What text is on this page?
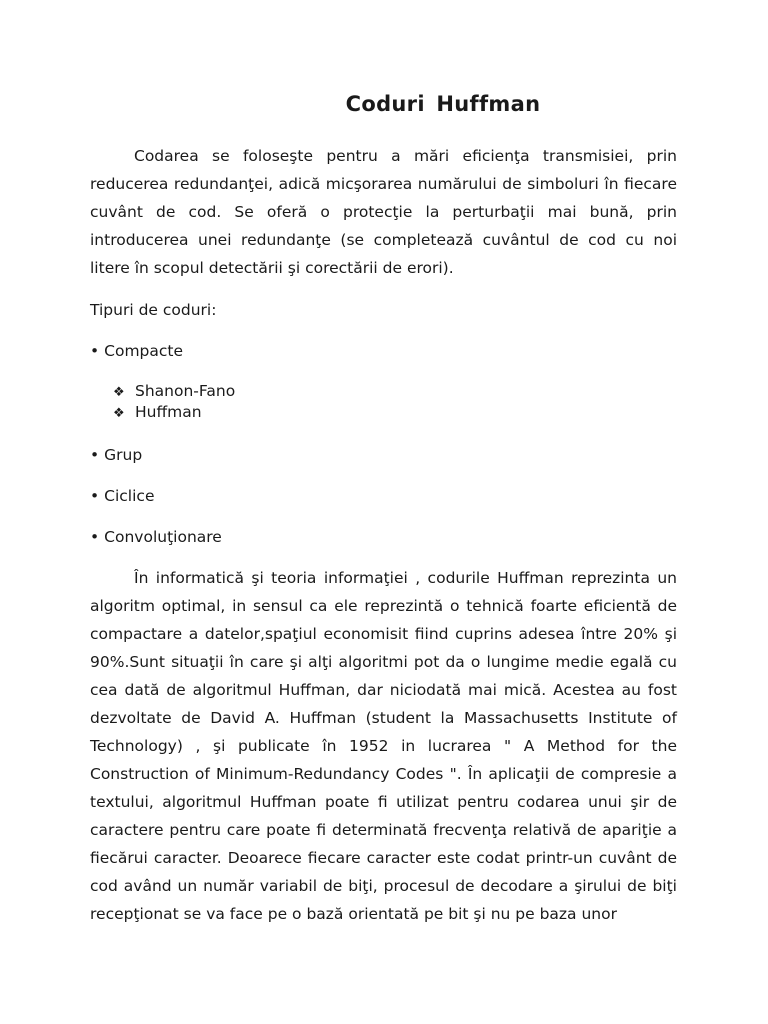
Coduri Huffman

Codarea se foloseşte pentru a mări eficienţa transmisiei, prin reducerea redundanţei, adică micşorarea numărului de simboluri în fiecare cuvânt de cod. Se oferă o protecţie la perturbaţii mai bună, prin introducerea unei redundanţe (se completează cuvântul de cod cu noi litere în scopul detectării şi corectării de erori).

Tipuri de coduri:
• Compacte
❖ Shanon-Fano
❖ Huffman
• Grup
• Ciclice
• Convoluţionare

În informatică şi teoria informaţiei , codurile Huffman reprezinta un algoritm optimal, in sensul ca ele reprezintă o tehnică foarte eficientă de compactare a datelor,spaţiul economisit fiind cuprins adesea între 20% şi 90%.Sunt situaţii în care şi alţi algoritmi pot da o lungime medie egală cu cea dată de algoritmul Huffman, dar niciodată mai mică. Acestea au fost dezvoltate de David A. Huffman (student la Massachusetts Institute of Technology) , şi publicate în 1952 in lucrarea " A Method for the Construction of Minimum-Redundancy Codes ". În aplicaţii de compresie a textului, algoritmul Huffman poate fi utilizat pentru codarea unui şir de caractere pentru care poate fi determinată frecvenţa relativă de apariţie a fiecărui caracter. Deoarece fiecare caracter este codat printr-un cuvânt de cod având un număr variabil de biţi, procesul de decodare a şirului de biţi recepţionat se va face pe o bază orientată pe bit şi nu pe baza unor
